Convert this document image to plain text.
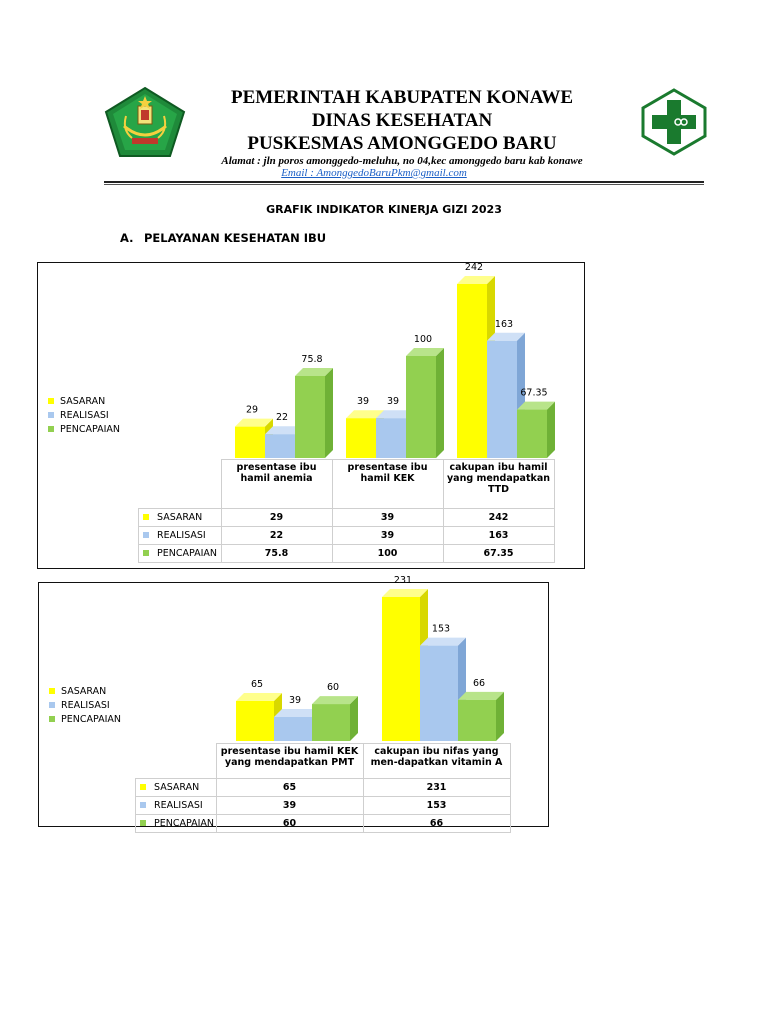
PEMERINTAH KABUPATEN KONAWE
DINAS KESEHATAN
PUSKESMAS AMONGGEDO BARU
Alamat : jln poros amonggedo-meluhu, no 04,kec amonggedo baru kab konawe
Email : AmonggedoBaruPkm@gmail.com
GRAFIK INDIKATOR KINERJA GIZI 2023
A. PELAYANAN KESEHATAN IBU
SASARAN
REALISASI
PENCAPAIAN
29
22
75.8
39 39
100
242
163
67.35
	presentase ibu hamil anemia	presentase ibu hamil KEK	cakupan ibu hamil yang mendapatkan TTD
SASARAN	29	39	242
REALISASI	22	39	163
PENCAPAIAN	75.8	100	67.35
SASARAN
REALISASI
PENCAPAIAN
65
39
60
231
153
66
	presentase ibu hamil KEK yang mendapatkan PMT	cakupan ibu nifas yang men-dapatkan vitamin A
SASARAN	65	231
REALISASI	39	153
PENCAPAIAN	60	66
